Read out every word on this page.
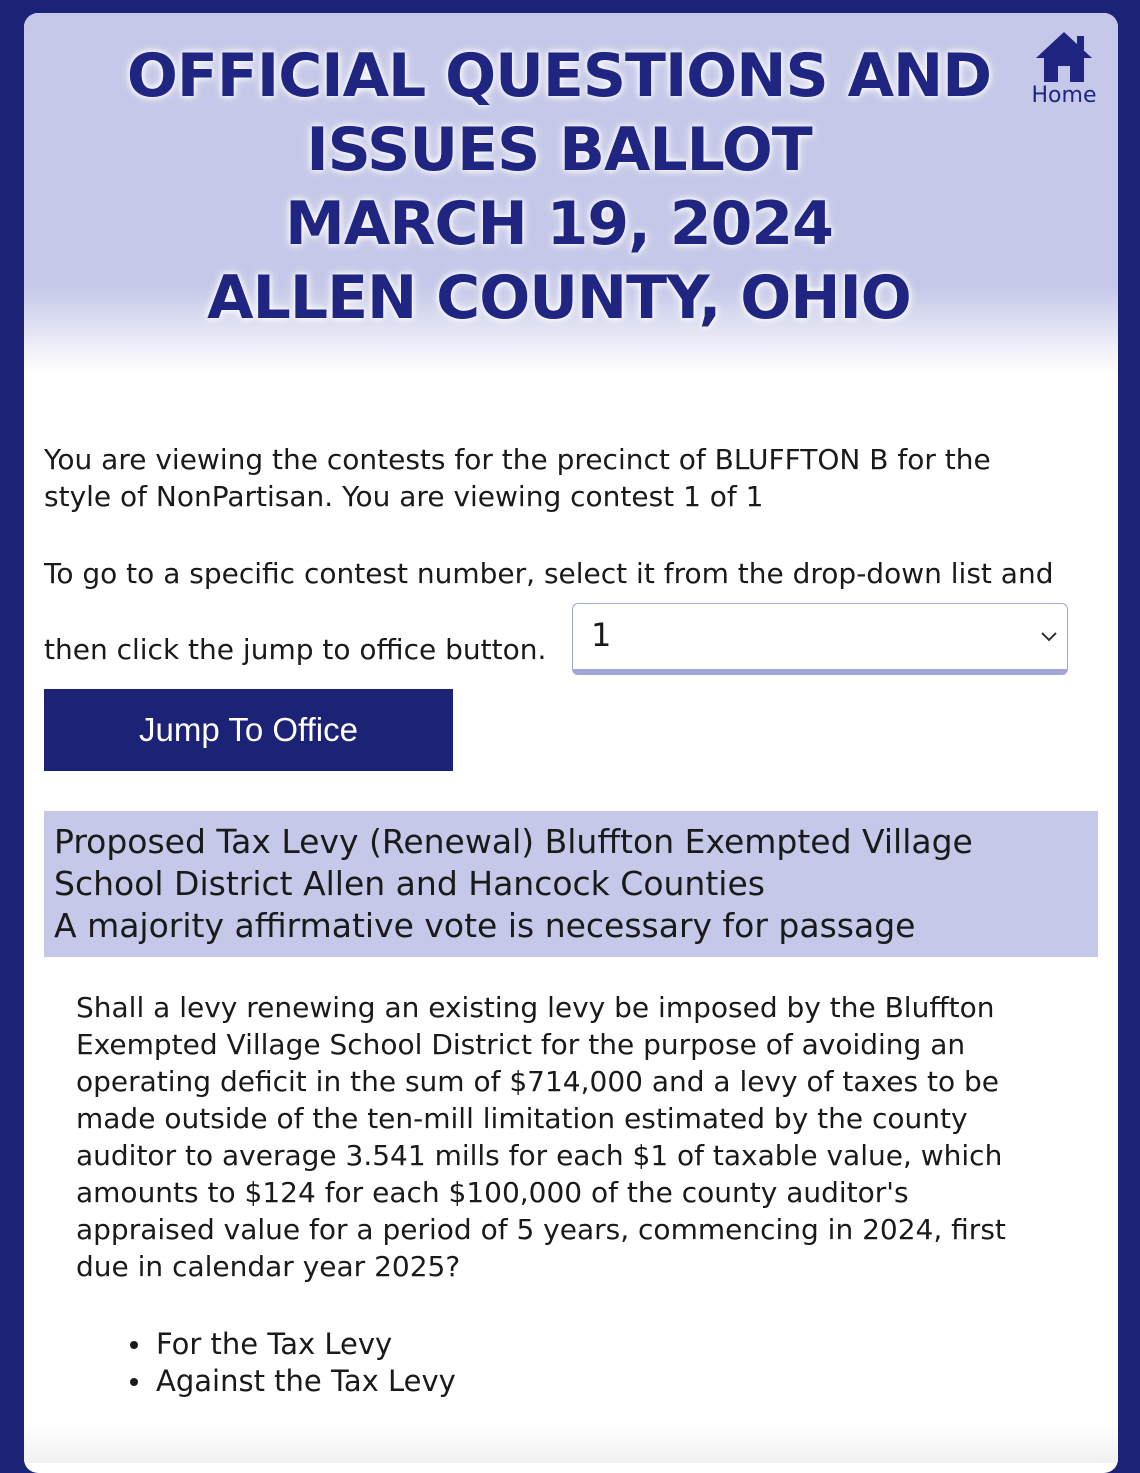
OFFICIAL QUESTIONS AND
ISSUES BALLOT
MARCH 19, 2024
ALLEN COUNTY, OHIO
Home
You are viewing the contests for the precinct of BLUFFTON B for the
style of NonPartisan. You are viewing contest 1 of 1
To go to a specific contest number, select it from the drop-down list and
then click the jump to office button.	1
Jump To Office
Proposed Tax Levy (Renewal) Bluffton Exempted Village
School District Allen and Hancock Counties
A majority affirmative vote is necessary for passage
Shall a levy renewing an existing levy be imposed by the Bluffton
Exempted Village School District for the purpose of avoiding an
operating deficit in the sum of $714,000 and a levy of taxes to be
made outside of the ten-mill limitation estimated by the county
auditor to average 3.541 mills for each $1 of taxable value, which
amounts to $124 for each $100,000 of the county auditor's
appraised value for a period of 5 years, commencing in 2024, first
due in calendar year 2025?
For the Tax Levy
Against the Tax Levy
